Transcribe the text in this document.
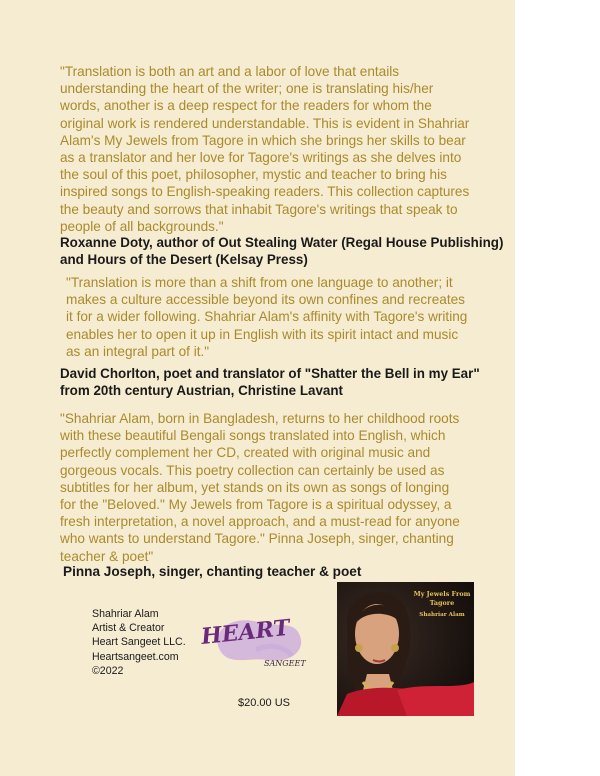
"Translation is both an art and a labor of love that entails
understanding the heart of the writer; one is translating his/her
words, another is a deep respect for the readers for whom the
original work is rendered understandable. This is evident in Shahriar
Alam's My Jewels from Tagore in which she brings her skills to bear
as a translator and her love for Tagore's writings as she delves into
the soul of this poet, philosopher, mystic and teacher to bring his
inspired songs to English-speaking readers. This collection captures
the beauty and sorrows that inhabit Tagore's writings that speak to
people of all backgrounds."

Roxanne Doty, author of Out Stealing Water (Regal House Publishing)
and Hours of the Desert (Kelsay Press)

"Translation is more than a shift from one language to another; it
makes a culture accessible beyond its own confines and recreates
it for a wider following. Shahriar Alam's affinity with Tagore's writing
enables her to open it up in English with its spirit intact and music
as an integral part of it."

David Chorlton, poet and translator of "Shatter the Bell in my Ear"
from 20th century Austrian, Christine Lavant

"Shahriar Alam, born in Bangladesh, returns to her childhood roots
with these beautiful Bengali songs translated into English, which
perfectly complement her CD, created with original music and
gorgeous vocals. This poetry collection can certainly be used as
subtitles for her album, yet stands on its own as songs of longing
for the "Beloved." My Jewels from Tagore is a spiritual odyssey, a
fresh interpretation, a novel approach, and a must-read for anyone
who wants to understand Tagore." Pinna Joseph, singer, chanting
teacher & poet"

Pinna Joseph, singer, chanting teacher & poet

Shahriar Alam
Artist & Creator
Heart Sangeet LLC.
Heartsangeet.com
©2022
HEART
SANGEET
$20.00 US
My Jewels From
Tagore
Shahriar Alam
